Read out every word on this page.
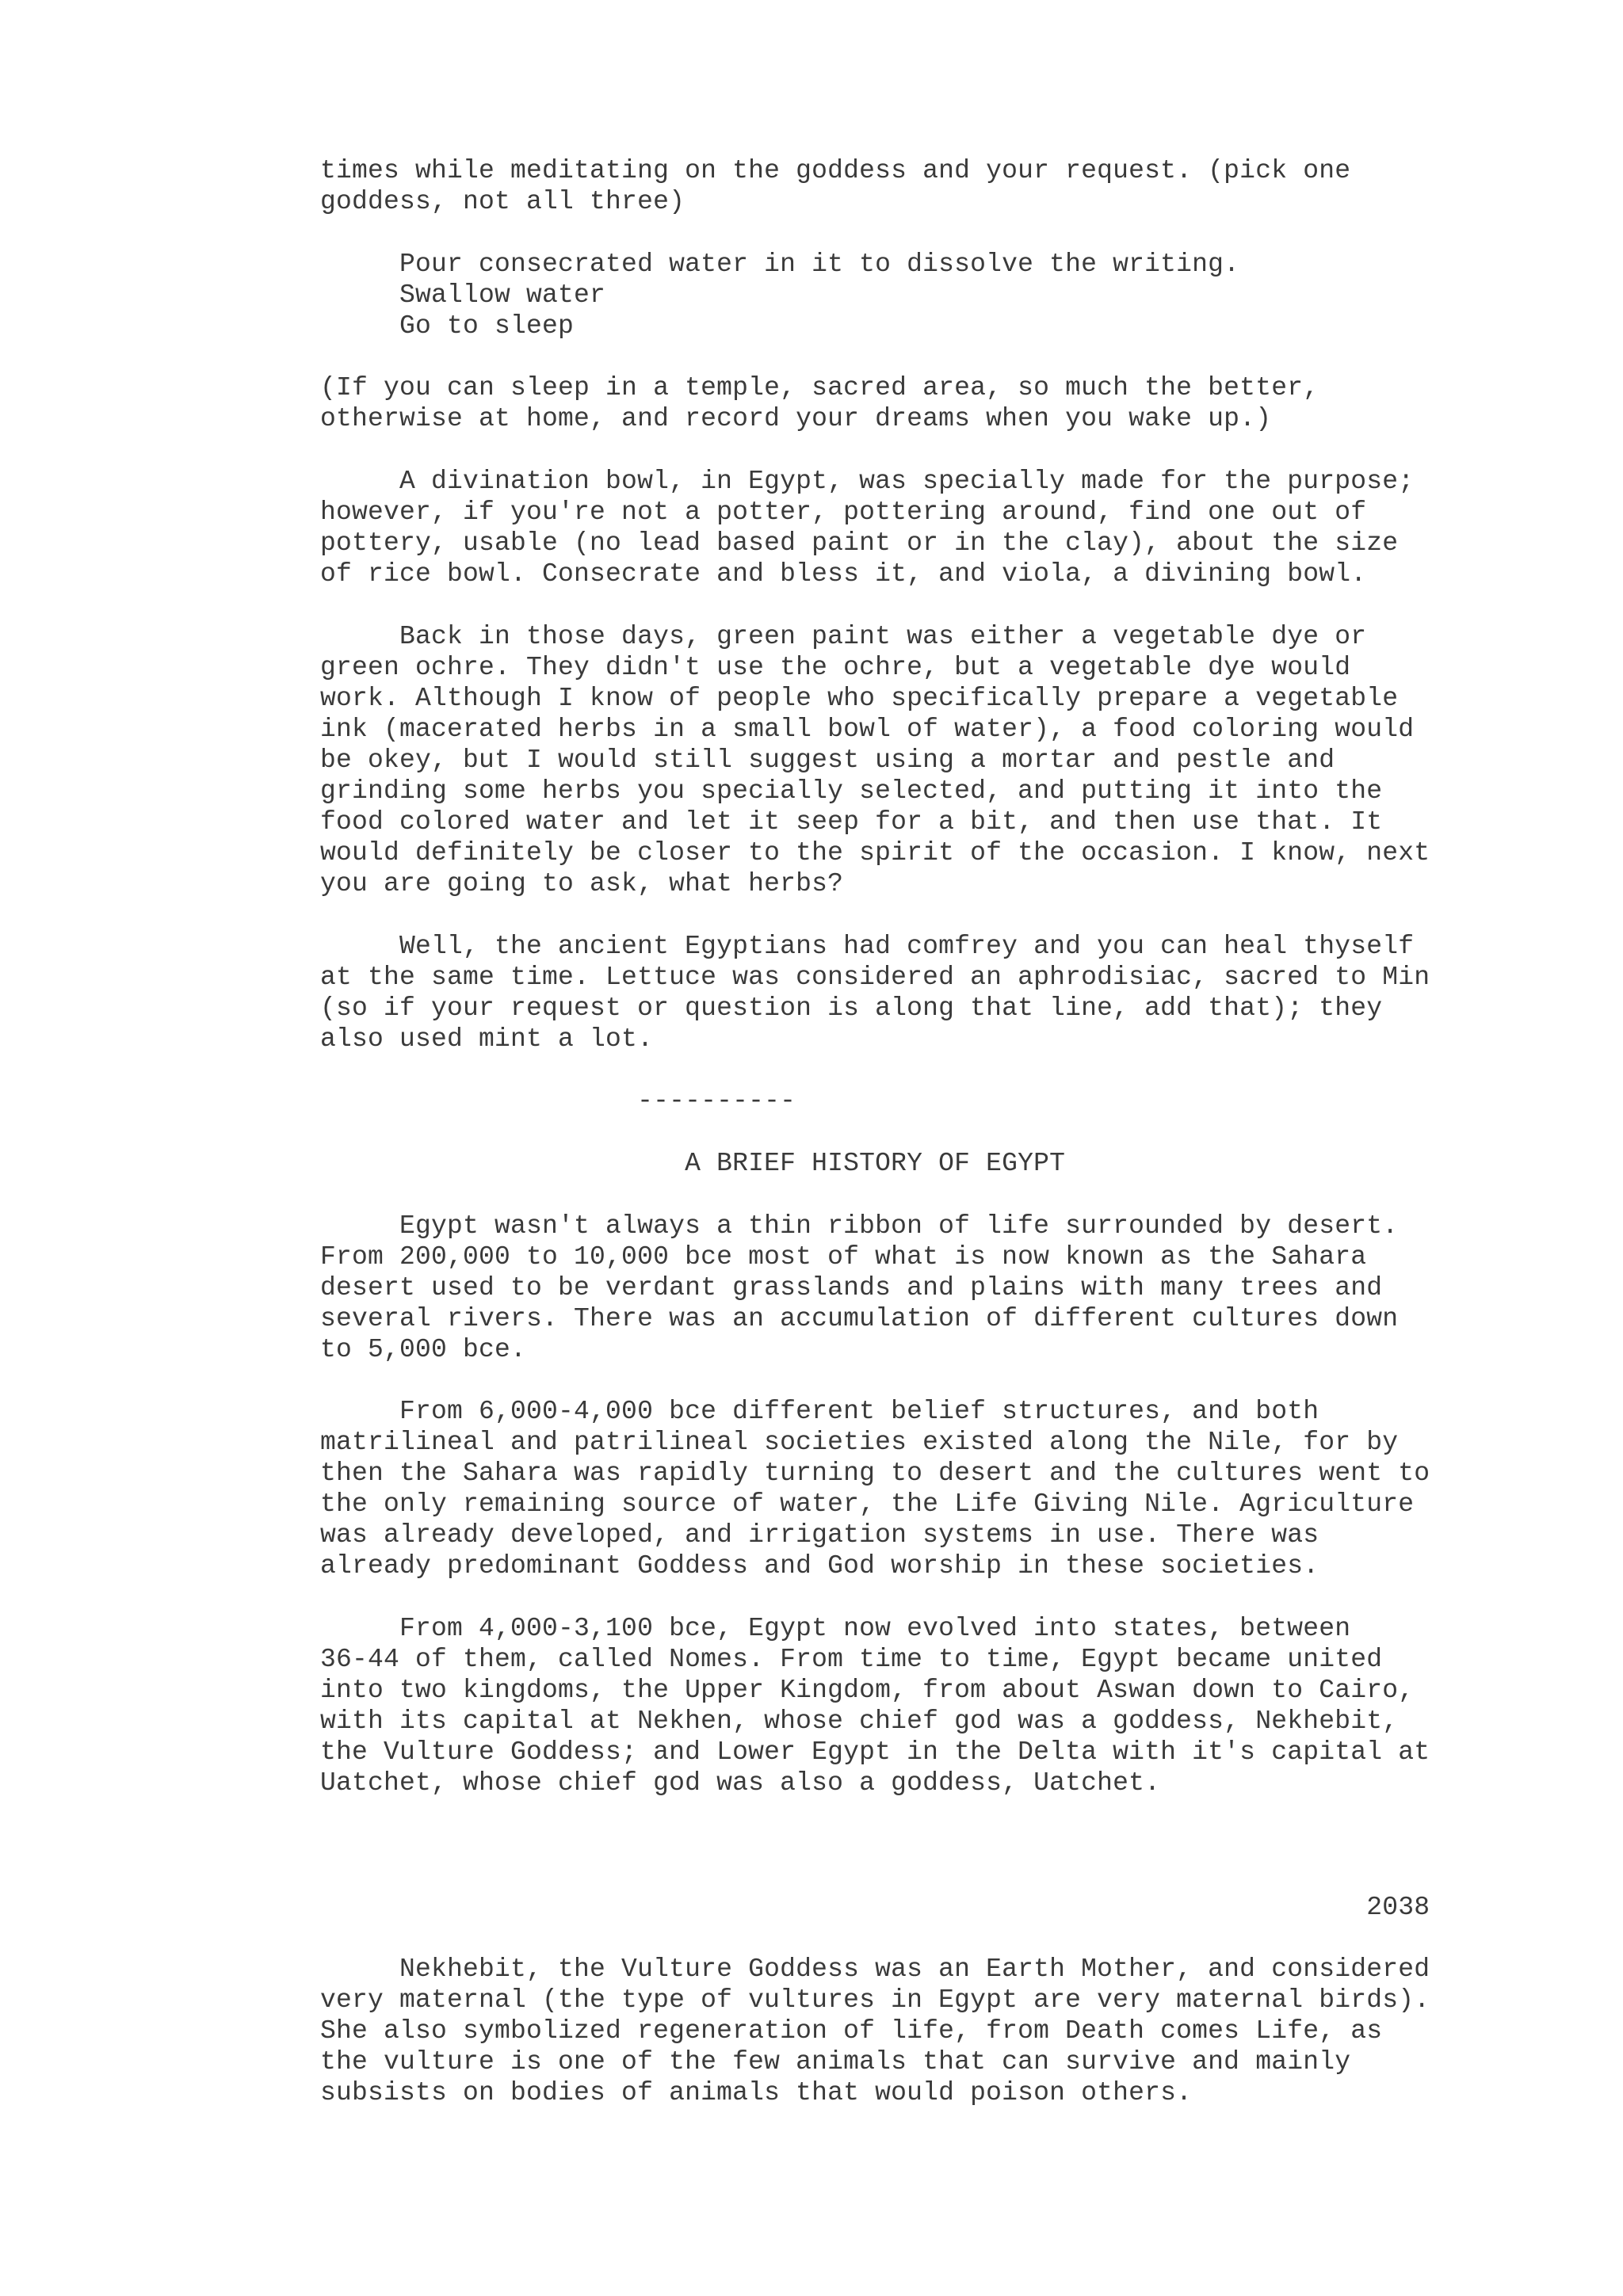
times while meditating on the goddess and your request. (pick one
goddess, not all three)
Pour consecrated water in it to dissolve the writing.
Swallow water
Go to sleep
(If you can sleep in a temple, sacred area, so much the better,
otherwise at home, and record your dreams when you wake up.)
A divination bowl, in Egypt, was specially made for the purpose;
however, if you're not a potter, pottering around, find one out of
pottery, usable (no lead based paint or in the clay), about the size
of rice bowl. Consecrate and bless it, and viola, a divining bowl.
Back in those days, green paint was either a vegetable dye or
green ochre. They didn't use the ochre, but a vegetable dye would
work. Although I know of people who specifically prepare a vegetable
ink (macerated herbs in a small bowl of water), a food coloring would
be okey, but I would still suggest using a mortar and pestle and
grinding some herbs you specially selected, and putting it into the
food colored water and let it seep for a bit, and then use that. It
would definitely be closer to the spirit of the occasion. I know, next
you are going to ask, what herbs?
Well, the ancient Egyptians had comfrey and you can heal thyself
at the same time. Lettuce was considered an aphrodisiac, sacred to Min
(so if your request or question is along that line, add that); they
also used mint a lot.
----------
A BRIEF HISTORY OF EGYPT
Egypt wasn't always a thin ribbon of life surrounded by desert.
From 200,000 to 10,000 bce most of what is now known as the Sahara
desert used to be verdant grasslands and plains with many trees and
several rivers. There was an accumulation of different cultures down
to 5,000 bce.
From 6,000-4,000 bce different belief structures, and both
matrilineal and patrilineal societies existed along the Nile, for by
then the Sahara was rapidly turning to desert and the cultures went to
the only remaining source of water, the Life Giving Nile. Agriculture
was already developed, and irrigation systems in use. There was
already predominant Goddess and God worship in these societies.
From 4,000-3,100 bce, Egypt now evolved into states, between
36-44 of them, called Nomes. From time to time, Egypt became united
into two kingdoms, the Upper Kingdom, from about Aswan down to Cairo,
with its capital at Nekhen, whose chief god was a goddess, Nekhebit,
the Vulture Goddess; and Lower Egypt in the Delta with it's capital at
Uatchet, whose chief god was also a goddess, Uatchet.
2038
Nekhebit, the Vulture Goddess was an Earth Mother, and considered
very maternal (the type of vultures in Egypt are very maternal birds).
She also symbolized regeneration of life, from Death comes Life, as
the vulture is one of the few animals that can survive and mainly
subsists on bodies of animals that would poison others.
